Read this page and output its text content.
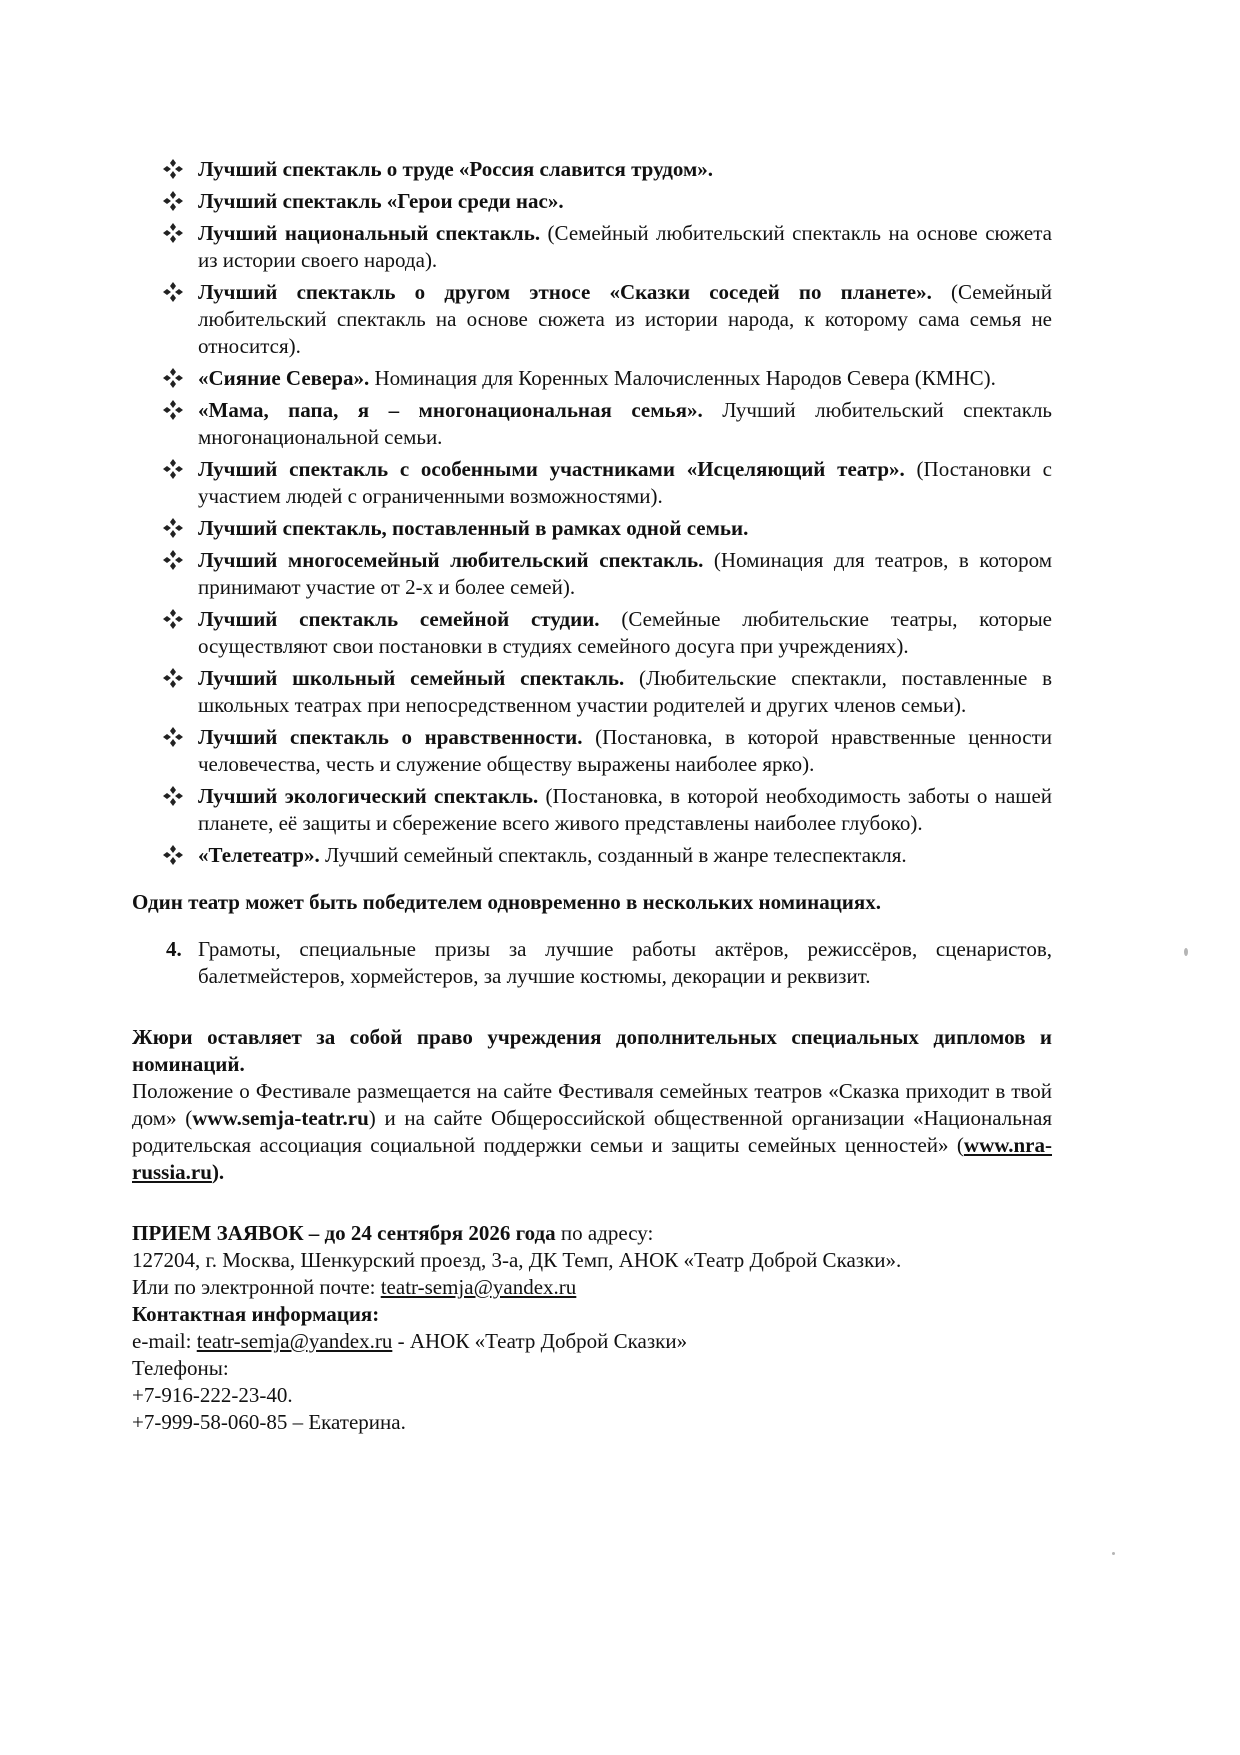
Лучший спектакль о труде «Россия славится трудом».
Лучший спектакль «Герои среди нас».
Лучший национальный спектакль. (Семейный любительский спектакль на основе сюжета из истории своего народа).
Лучший спектакль о другом этносе «Сказки соседей по планете». (Семейный любительский спектакль на основе сюжета из истории народа, к которому сама семья не относится).
«Сияние Севера». Номинация для Коренных Малочисленных Народов Севера (КМНС).
«Мама, папа, я – многонациональная семья». Лучший любительский спектакль многонациональной семьи.
Лучший спектакль с особенными участниками «Исцеляющий театр». (Постановки с участием людей с ограниченными возможностями).
Лучший спектакль, поставленный в рамках одной семьи.
Лучший многосемейный любительский спектакль. (Номинация для театров, в котором принимают участие от 2-х и более семей).
Лучший спектакль семейной студии. (Семейные любительские театры, которые осуществляют свои постановки в студиях семейного досуга при учреждениях).
Лучший школьный семейный спектакль. (Любительские спектакли, поставленные в школьных театрах при непосредственном участии родителей и других членов семьи).
Лучший спектакль о нравственности. (Постановка, в которой нравственные ценности человечества, честь и служение обществу выражены наиболее ярко).
Лучший экологический спектакль. (Постановка, в которой необходимость заботы о нашей планете, её защиты и сбережение всего живого представлены наиболее глубоко).
«Телетеатр». Лучший семейный спектакль, созданный в жанре телеспектакля.

Один театр может быть победителем одновременно в нескольких номинациях.

4. Грамоты, специальные призы за лучшие работы актёров, режиссёров, сценаристов, балетмейстеров, хормейстеров, за лучшие костюмы, декорации и реквизит.
Жюри оставляет за собой право учреждения дополнительных специальных дипломов и номинаций.
Положение о Фестивале размещается на сайте Фестиваля семейных театров «Сказка приходит в твой дом» (www.semja-teatr.ru) и на сайте Общероссийской общественной организации «Национальная родительская ассоциация социальной поддержки семьи и защиты семейных ценностей» (www.nra-russia.ru).
ПРИЕМ ЗАЯВОК – до 24 сентября 2026 года по адресу:
127204, г. Москва, Шенкурский проезд, 3-а, ДК Темп, АНОК «Театр Доброй Сказки».
Или по электронной почте: teatr-semja@yandex.ru
Контактная информация:
e-mail: teatr-semja@yandex.ru - АНОК «Театр Доброй Сказки»
Телефоны:
+7-916-222-23-40.
+7-999-58-060-85 – Екатерина.
